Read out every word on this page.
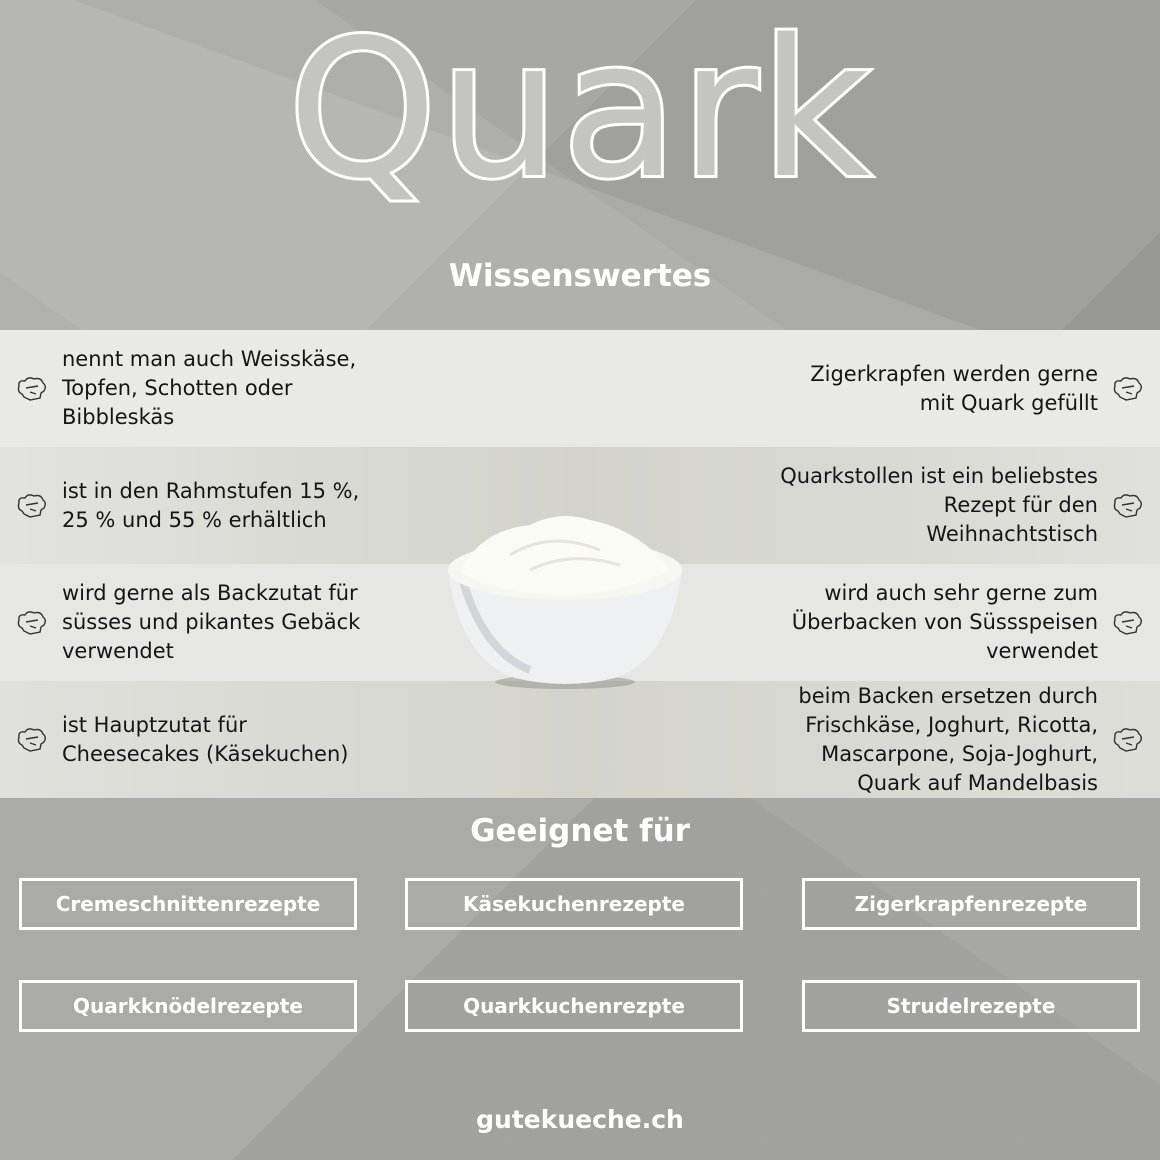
Quark
Wissenswertes
nennt man auch Weisskäse,
Topfen, Schotten oder
Bibbleskäs
Zigerkrapfen werden gerne
mit Quark gefüllt
ist in den Rahmstufen 15 %,
25 % und 55 % erhältlich
Quarkstollen ist ein beliebstes
Rezept für den
Weihnachtstisch
wird gerne als Backzutat für
süsses und pikantes Gebäck
verwendet
wird auch sehr gerne zum
Überbacken von Süssspeisen
verwendet
ist Hauptzutat für
Cheesecakes (Käsekuchen)
beim Backen ersetzen durch
Frischkäse, Joghurt, Ricotta,
Mascarpone, Soja-Joghurt,
Quark auf Mandelbasis
Geeignet für
Cremeschnittenrezepte	Käsekuchenrezepte	Zigerkrapfenrezepte
Quarkknödelrezepte	Quarkkuchenrezpte	Strudelrezepte
gutekueche.ch
